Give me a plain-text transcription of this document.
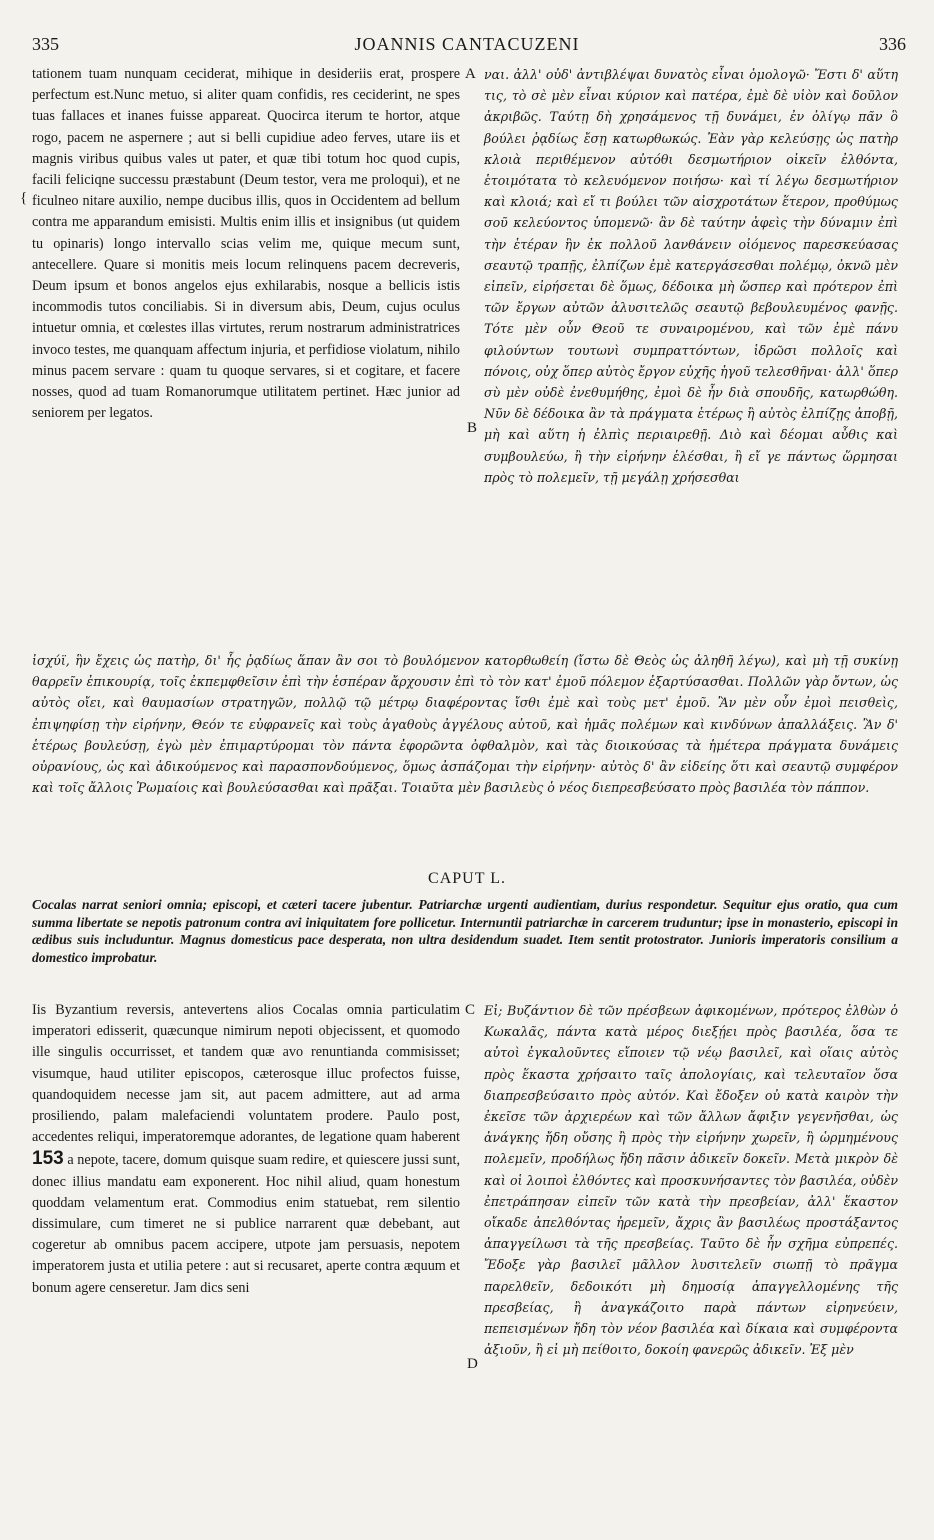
335	JOANNIS CANTACUZENI	336
{

tationem tuam nunquam ceciderat, mihique in desideriis erat, prospere perfectum est.Nunc metuo, si aliter quam confidis, res ceciderint, ne spes tuas fallaces et inanes fuisse appareat. Quocirca iterum te hortor, atque rogo, pacem ne aspernere ; aut si belli cupidiue adeo ferves, utare iis et magnis viribus quibus vales ut pater, et quæ tibi totum hoc quod cupis, facili feliciqne successu præstabunt (Deum testor, vera me proloqui), et ne ficulneo nitare auxilio, nempe ducibus illis, quos in Occidentem ad bellum contra me apparandum emisisti. Multis enim illis et insignibus (ut quidem tu opinaris) longo intervallo scias velim me, quique mecum sunt, antecellere. Quare si monitis meis locum relinquens pacem decreveris, Deum ipsum et bonos angelos ejus exhilarabis, nosque a bellicis istis incommodis tutos conciliabis. Si in diversum abis, Deum, cujus oculus intuetur omnia, et cœlestes illas virtutes, rerum nostrarum administratrices invoco testes, me quanquam affectum injuria, et perfidiose violatum, nihilo minus pacem servare : quam tu quoque servares, si et cogitare, et facere nosses, quod ad tuam Romanorumque utilitatem pertinet. Hæc junior ad seniorem per legatos.

A
B

ναι. ἀλλ' οὐδ' ἀντιβλέψαι δυνατὸς εἶναι ὁμολογῶ· Ἔστι δ' αὕτη τις, τὸ σὲ μὲν εἶναι κύριον καὶ πατέρα, ἐμὲ δὲ υἱὸν καὶ δοῦλον ἀκριβῶς. Ταύτῃ δὴ χρησάμενος τῇ δυνάμει, ἐν ὀλίγῳ πᾶν ὃ βούλει ῥᾳδίως ἔσῃ κατωρθωκώς. Ἐὰν γὰρ κελεύσῃς ὡς πατὴρ κλοιὰ περιθέμενον αὐτόθι δεσμωτήριον οἰκεῖν ἐλθόντα, ἑτοιμότατα τὸ κελευόμενον ποιήσω· καὶ τί λέγω δεσμωτήριον καὶ κλοιά; καὶ εἴ τι βούλει τῶν αἰσχροτάτων ἕτερον, προθύμως σοῦ κελεύοντος ὑπομενῶ· ἂν δὲ ταύτην ἀφεὶς τὴν δύναμιν ἐπὶ τὴν ἑτέραν ἣν ἐκ πολλοῦ λανθάνειν οἰόμενος παρεσκεύασας σεαυτῷ τραπῇς, ἐλπίζων ἐμὲ κατεργάσεσθαι πολέμῳ, ὀκνῶ μὲν εἰπεῖν, εἰρήσεται δὲ ὅμως, δέδοικα μὴ ὥσπερ καὶ πρότερον ἐπὶ τῶν ἔργων αὐτῶν ἀλυσιτελῶς σεαυτῷ βεβουλευμένος φανῇς. Τότε μὲν οὖν Θεοῦ τε συναιρομένου, καὶ τῶν ἐμὲ πάνυ φιλούντων τουτωνὶ συμπραττόντων, ἱδρῶσι πολλοῖς καὶ πόνοις, οὐχ ὅπερ αὐτὸς ἔργον εὐχῆς ἡγοῦ τελεσθῆναι· ἀλλ' ὅπερ σὺ μὲν οὐδὲ ἐνεθυμήθης, ἐμοὶ δὲ ἦν διὰ σπουδῆς, κατωρθώθη. Νῦν δὲ δέδοικα ἂν τὰ πράγματα ἑτέρως ἢ αὐτὸς ἐλπίζῃς ἀποβῇ, μὴ καὶ αὕτη ἡ ἐλπὶς περιαιρεθῇ. Διὸ καὶ δέομαι αὖθις καὶ συμβουλεύω, ἢ τὴν εἰρήνην ἑλέσθαι, ἢ εἴ γε πάντως ὥρμησαι πρὸς τὸ πολεμεῖν, τῇ μεγάλῃ χρήσεσθαι

ἰσχύϊ, ἣν ἔχεις ὡς πατὴρ, δι' ἧς ῥᾳδίως ἅπαν ἂν σοι τὸ βουλόμενον κατορθωθείη (ἴστω δὲ Θεὸς ὡς ἀληθῆ λέγω), καὶ μὴ τῇ συκίνῃ θαρρεῖν ἐπικουρίᾳ, τοῖς ἐκπεμφθεῖσιν ἐπὶ τὴν ἑσπέραν ἄρχουσιν ἐπὶ τὸ τὸν κατ' ἐμοῦ πόλεμον ἐξαρτύσασθαι. Πολλῶν γὰρ ὄντων, ὡς αὐτὸς οἴει, καὶ θαυμασίων στρατηγῶν, πολλῷ τῷ μέτρῳ διαφέροντας ἴσθι ἐμὲ καὶ τοὺς μετ' ἐμοῦ. Ἂν μὲν οὖν ἐμοὶ πεισθεὶς, ἐπιψηφίσῃ τὴν εἰρήνην, Θεόν τε εὐφρανεῖς καὶ τοὺς ἀγαθοὺς ἀγγέλους αὐτοῦ, καὶ ἡμᾶς πολέμων καὶ κινδύνων ἀπαλλάξεις. Ἂν δ' ἑτέρως βουλεύσῃ, ἐγὼ μὲν ἐπιμαρτύρομαι τὸν πάντα ἐφορῶντα ὀφθαλμὸν, καὶ τὰς διοικούσας τὰ ἡμέτερα πράγματα δυνάμεις οὐρανίους, ὡς καὶ ἀδικούμενος καὶ παρασπονδούμενος, ὅμως ἀσπάζομαι τὴν εἰρήνην· αὐτὸς δ' ἂν εἰδείης ὅτι καὶ σεαυτῷ συμφέρον καὶ τοῖς ἄλλοις Ῥωμαίοις καὶ βουλεύσασθαι καὶ πρᾶξαι. Τοιαῦτα μὲν βασιλεὺς ὁ νέος διεπρεσβεύσατο πρὸς βασιλέα τὸν πάππον.

CAPUT L.

Cocalas narrat seniori omnia; episcopi, et cæteri tacere jubentur. Patriarchæ urgenti audientiam, durius respondetur. Sequitur ejus oratio, qua cum summa libertate se nepotis patronum contra avi iniquitatem fore pollicetur. Internuntii patriarchæ in carcerem truduntur; ipse in monasterio, episcopi in ædibus suis includuntur. Magnus domesticus pace desperata, non ultra desidendum suadet. Item sentit protostrator. Junioris imperatoris consilium a domestico improbatur.

Iis Byzantium reversis, antevertens alios Cocalas omnia particulatim imperatori edisserit, quæcunque nimirum nepoti objecissent, et quomodo ille singulis occurrisset, et tandem quæ avo renuntianda commisisset; visumque, haud utiliter episcopos, cæterosque illuc profectos fuisse, quandoquidem necesse jam sit, aut pacem admittere, aut ad arma prosiliendo, palam malefaciendi voluntatem prodere. Paulo post, accedentes reliqui, imperatoremque adorantes, de legatione quam haberent 153 a nepote, tacere, domum quisque suam redire, et quiescere jussi sunt, donec illius mandatu eam exponerent. Hoc nihil aliud, quam honestum quoddam velamentum erat. Commodius enim statuebat, rem silentio dissimulare, cum timeret ne si publice narrarent quæ debebant, aut cogeretur ab omnibus pacem accipere, utpote jam persuasis, nepotem imperatorem justa et utilia petere : aut si recusaret, aperte contra æquum et bonum agere censeretur. Jam dics seni

C
D

Εἰ; Βυζάντιον δὲ τῶν πρέσβεων ἀφικομένων, πρότερος ἐλθὼν ὁ Κωκαλᾶς, πάντα κατὰ μέρος διεξῄει πρὸς βασιλέα, ὅσα τε αὐτοὶ ἐγκαλοῦντες εἴποιεν τῷ νέῳ βασιλεῖ, καὶ οἵαις αὐτὸς πρὸς ἕκαστα χρήσαιτο ταῖς ἀπολογίαις, καὶ τελευταῖον ὅσα διαπρεσβεύσαιτο πρὸς αὐτόν. Καὶ ἔδοξεν οὐ κατὰ καιρὸν τὴν ἐκεῖσε τῶν ἀρχιερέων καὶ τῶν ἄλλων ἄφιξιν γεγενῆσθαι, ὡς ἀνάγκης ἤδη οὔσης ἢ πρὸς τὴν εἰρήνην χωρεῖν, ἢ ὡρμημένους πολεμεῖν, προδήλως ἤδη πᾶσιν ἀδικεῖν δοκεῖν. Μετὰ μικρὸν δὲ καὶ οἱ λοιποὶ ἐλθόντες καὶ προσκυνήσαντες τὸν βασιλέα, οὐδὲν ἐπετράπησαν εἰπεῖν τῶν κατὰ τὴν πρεσβείαν, ἀλλ' ἕκαστον οἴκαδε ἀπελθόντας ἠρεμεῖν, ἄχρις ἂν βασιλέως προστάξαντος ἀπαγγείλωσι τὰ τῆς πρεσβείας. Ταῦτο δὲ ἦν σχῆμα εὐπρεπές. Ἔδοξε γὰρ βασιλεῖ μᾶλλον λυσιτελεῖν σιωπῇ τὸ πρᾶγμα παρελθεῖν, δεδοικότι μὴ δημοσίᾳ ἀπαγγελλομένης τῆς πρεσβείας, ἢ ἀναγκάζοιτο παρὰ πάντων εἰρηνεύειν, πεπεισμένων ἤδη τὸν νέον βασιλέα καὶ δίκαια καὶ συμφέροντα ἀξιοῦν, ἢ εἰ μὴ πείθοιτο, δοκοίη φανερῶς ἀδικεῖν. Ἐξ μὲν
